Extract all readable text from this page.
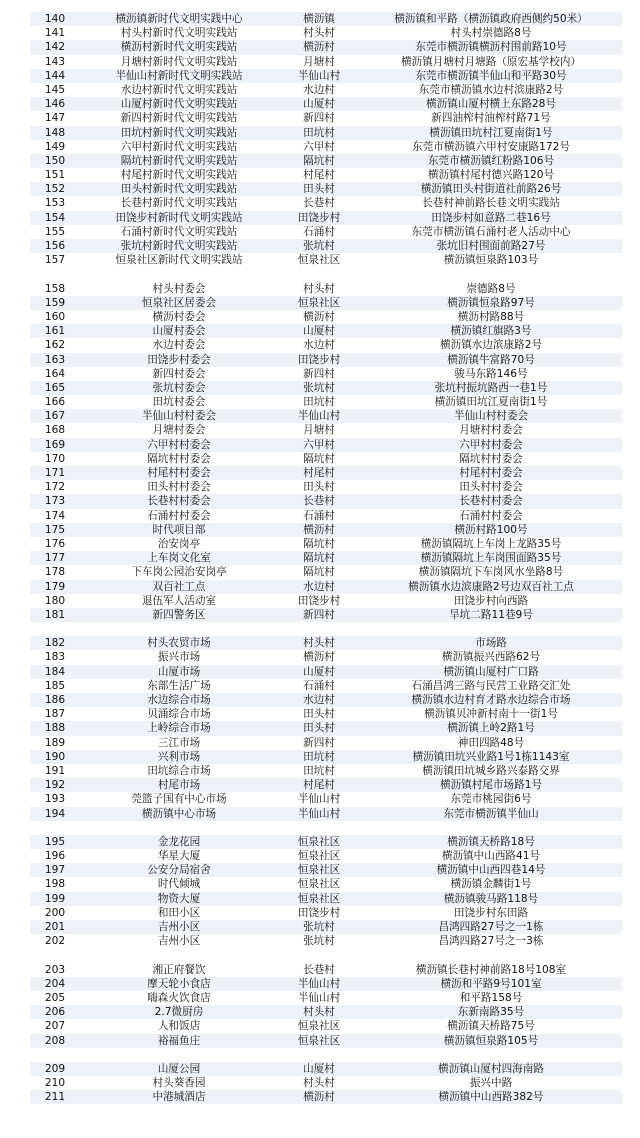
140	横沥镇新时代文明实践中心	横沥镇	横沥镇和平路（横沥镇政府西侧约50米）
141	村头村新时代文明实践站	村头村	村头村崇德路8号
142	横沥村新时代文明实践站	横沥村	东莞市横沥镇横沥村围前路10号
143	月塘村新时代文明实践站	月塘村	横沥镇月塘村月塘路（原宏基学校内）
144	半仙山村新时代文明实践站	半仙山村	东莞市横沥镇半仙山和平路30号
145	水边村新时代文明实践站	水边村	东莞市横沥镇水边村滨康路2号
146	山厦村新时代文明实践站	山厦村	横沥镇山厦村横上东路28号
147	新四村新时代文明实践站	新四村	新四油榨村油榨村路71号
148	田坑村新时代文明实践站	田坑村	横沥镇田坑村江夏南街1号
149	六甲村新时代文明实践站	六甲村	东莞市横沥镇六甲村安康路172号
150	隔坑村新时代文明实践站	隔坑村	东莞市横沥镇红粉路106号
151	村尾村新时代文明实践站	村尾村	横沥镇村尾村德兴路120号
152	田头村新时代文明实践站	田头村	横沥镇田头村街道社前路26号
153	长巷村新时代文明实践站	长巷村	长巷村神前路长巷文明实践站
154	田饶步村新时代文明实践站	田饶步村	田饶步村如意路二巷16号
155	石涌村新时代文明实践站	石涌村	东莞市横沥镇石涌村老人活动中心
156	张坑村新时代文明实践站	张坑村	张坑旧村围面前路27号
157	恒泉社区新时代文明实践站	恒泉社区	横沥镇恒泉路103号
158	村头村委会	村头村	崇德路8号
159	恒泉社区居委会	恒泉社区	横沥镇恒泉路97号
160	横沥村委会	横沥村	横沥村路88号
161	山厦村委会	山厦村	横沥镇红旗路3号
162	水边村委会	水边村	横沥镇水边滨康路2号
163	田饶步村委会	田饶步村	横沥镇牛富路70号
164	新四村委会	新四村	骏马东路146号
165	张坑村委会	张坑村	张坑村振坑路西一巷1号
166	田坑村委会	田坑村	横沥镇田坑江夏南街1号
167	半仙山村村委会	半仙山村	半仙山村村委会
168	月塘村委会	月塘村	月塘村村委会
169	六甲村村委会	六甲村	六甲村村委会
170	隔坑村村委会	隔坑村	隔坑村村委会
171	村尾村村委会	村尾村	村尾村村委会
172	田头村村委会	田头村	田头村村委会
173	长巷村村委会	长巷村	长巷村村委会
174	石涌村村委会	石涌村	石涌村村委会
175	时代项目部	横沥村	横沥村路100号
176	治安岗亭	隔坑村	横沥镇隔坑上车岗上龙路35号
177	上车岗文化室	隔坑村	横沥镇隔坑上车岗围面路35号
178	下车岗公园治安岗亭	隔坑村	横沥镇隔坑下车岗风水坐路8号
179	双百社工点	水边村	横沥镇水边滨康路2号边双百社工点
180	退伍军人活动室	田饶步村	田饶步村向西路
181	新四警务区	新四村	旱坑二路11巷9号
182	村头农贸市场	村头村	市场路
183	振兴市场	横沥村	横沥镇振兴西路62号
184	山厦市场	山厦村	横沥镇山厦村广口路
185	东部生活广场	石涌村	石涌昌鸿三路与民营工业路交汇处
186	水边综合市场	水边村	横沥镇水边村育才路水边综合市场
187	贝涌综合市场	田头村	横沥镇贝冲新村南十一街1号
188	上岭综合市场	田头村	横沥镇上岭2路1号
189	三江市场	新四村	神田四路48号
190	兴利市场	田坑村	横沥镇田坑兴业路1号1栋1143室
191	田坑综合市场	田坑村	横沥镇田坑城乡路兴泰路交界
192	村尾市场	村尾村	横沥镇村尾市场路1号
193	莞篮子国有中心市场	半仙山村	东莞市桃园街6号
194	横沥镇中心市场	半仙山村	东莞市横沥镇半仙山
195	金龙花园	恒泉社区	横沥镇天桥路18号
196	华星大厦	恒泉社区	横沥镇中山西路41号
197	公安分局宿舍	恒泉社区	横沥镇中山西四巷14号
198	时代倾城	恒泉社区	横沥镇金麟街1号
199	物资大厦	恒泉社区	横沥镇骏马路118号
200	和田小区	田饶步村	田饶步村东田路
201	吉州小区	张坑村	昌鸿四路27号之一1栋
202	吉州小区	张坑村	昌鸿四路27号之一3栋
203	湘正府餐饮	长巷村	横沥镇长巷村神前路18号108室
204	摩天轮小食店	半仙山村	横沥和平路9号101室
205	嗨森火饮食店	半仙山村	和平路158号
206	2.7微厨房	村头村	东新南路35号
207	人和饭店	恒泉社区	横沥镇天桥路75号
208	裕福鱼庄	恒泉社区	横沥镇恒泉路105号
209	山厦公园	山厦村	横沥镇山厦村四海南路
210	村头葵香园	村头村	振兴中路
211	中港城酒店	横沥村	横沥镇中山西路382号
